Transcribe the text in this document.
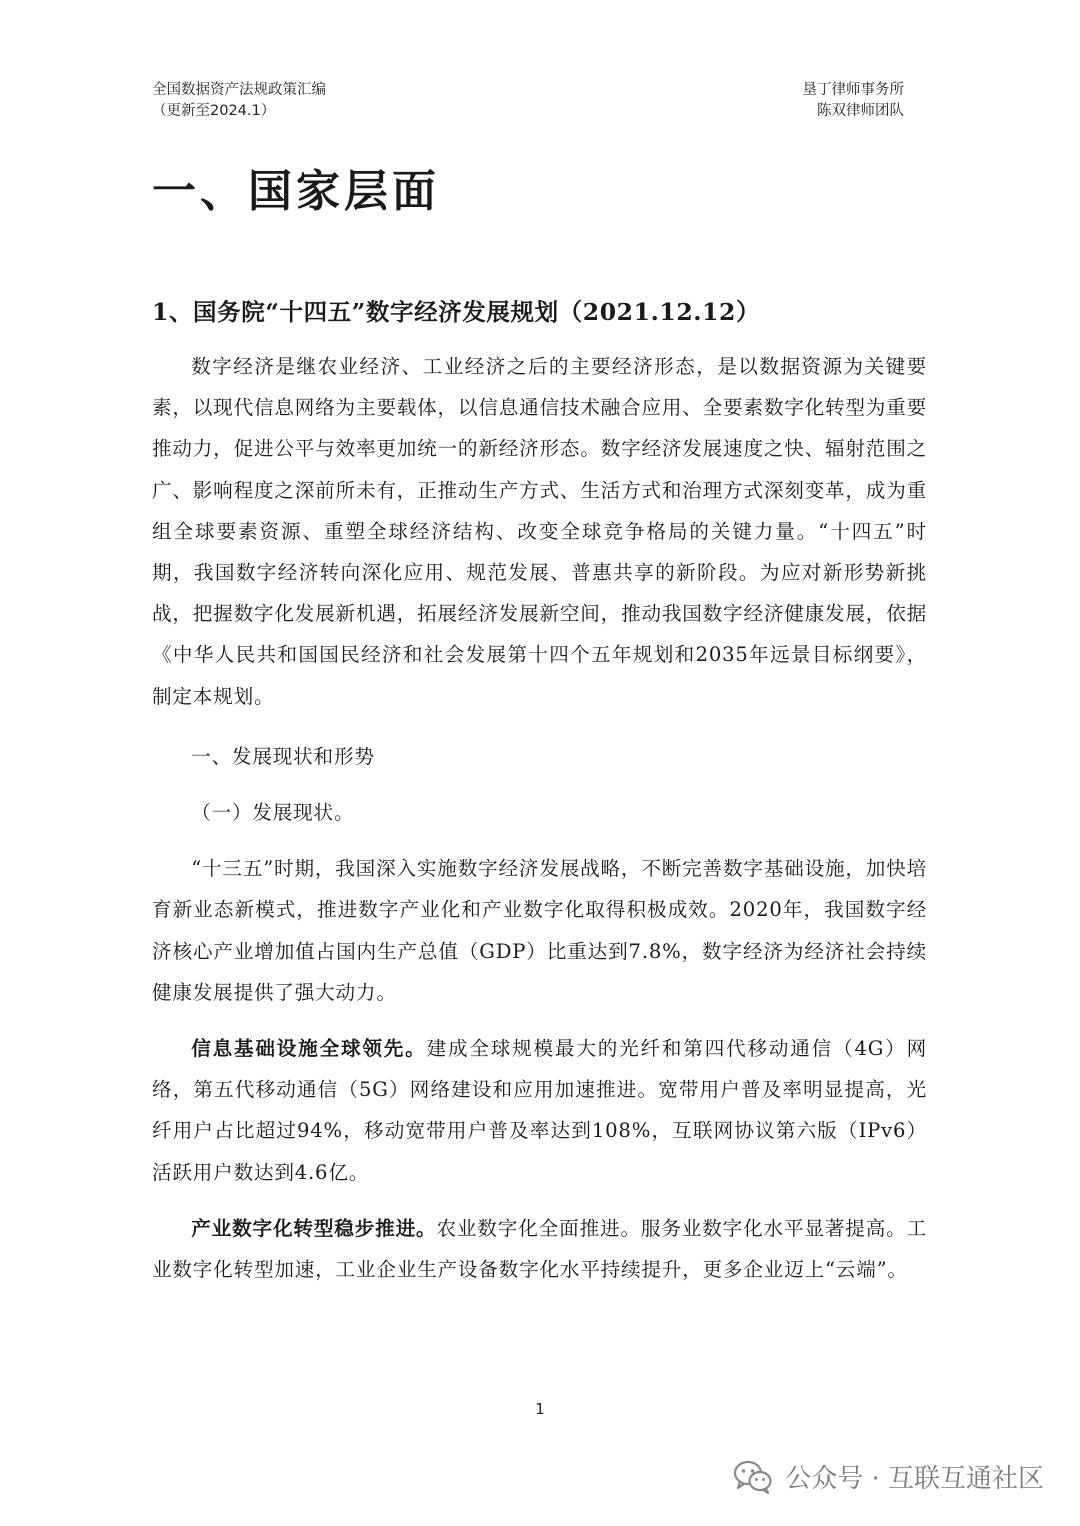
全国数据资产法规政策汇编
（更新至2024.1）
垦丁律师事务所
陈双律师团队
一、国家层面
1、国务院“十四五”数字经济发展规划（2021.12.12）

数字经济是继农业经济、工业经济之后的主要经济形态，是以数据资源为关键要素，以现代信息网络为主要载体，以信息通信技术融合应用、全要素数字化转型为重要推动力，促进公平与效率更加统一的新经济形态。数字经济发展速度之快、辐射范围之广、影响程度之深前所未有，正推动生产方式、生活方式和治理方式深刻变革，成为重组全球要素资源、重塑全球经济结构、改变全球竞争格局的关键力量。“十四五”时期，我国数字经济转向深化应用、规范发展、普惠共享的新阶段。为应对新形势新挑战，把握数字化发展新机遇，拓展经济发展新空间，推动我国数字经济健康发展，依据《中华人民共和国国民经济和社会发展第十四个五年规划和2035年远景目标纲要》，制定本规划。

一、发展现状和形势

（一）发展现状。

“十三五”时期，我国深入实施数字经济发展战略，不断完善数字基础设施，加快培育新业态新模式，推进数字产业化和产业数字化取得积极成效。2020年，我国数字经济核心产业增加值占国内生产总值（GDP）比重达到7.8%，数字经济为经济社会持续健康发展提供了强大动力。

信息基础设施全球领先。建成全球规模最大的光纤和第四代移动通信（4G）网络，第五代移动通信（5G）网络建设和应用加速推进。宽带用户普及率明显提高，光纤用户占比超过94%，移动宽带用户普及率达到108%，互联网协议第六版（IPv6）活跃用户数达到4.6亿。

产业数字化转型稳步推进。农业数字化全面推进。服务业数字化水平显著提高。工业数字化转型加速，工业企业生产设备数字化水平持续提升，更多企业迈上“云端”。

1
公众号 · 互联互通社区
